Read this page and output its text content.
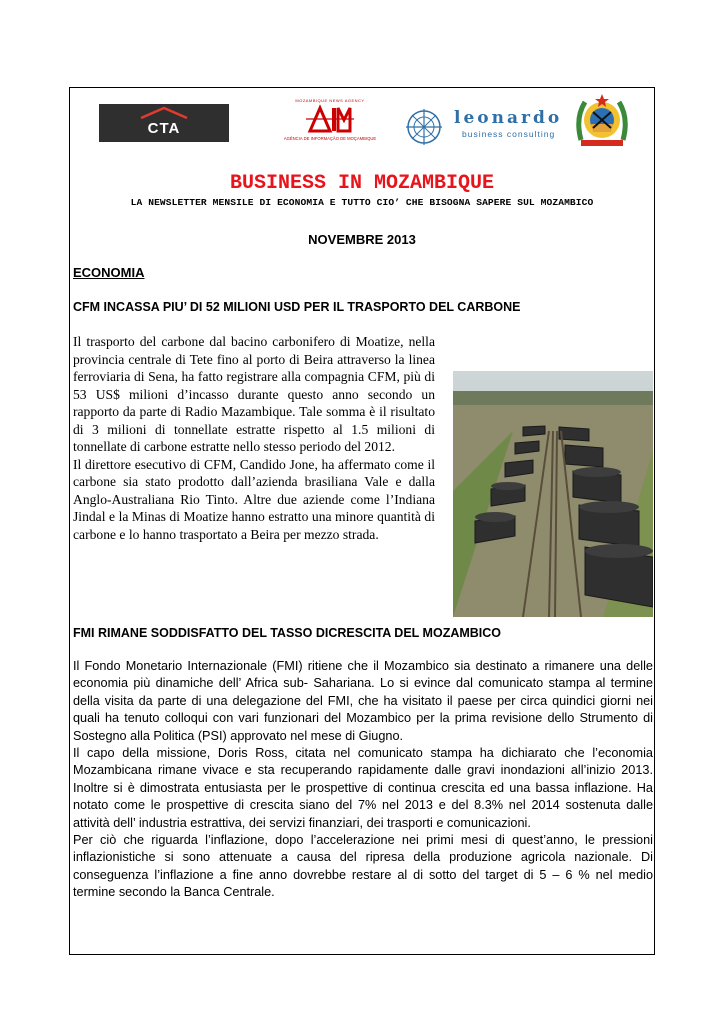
CTA
MOZAMBIQUE NEWS AGENCY
AGÊNCIA DE INFORMAÇÃO DE MOÇAMBIQUE
leonardo
business consulting
BUSINESS IN MOZAMBIQUE
LA NEWSLETTER MENSILE DI ECONOMIA E TUTTO CIO’ CHE BISOGNA SAPERE SUL MOZAMBICO
NOVEMBRE 2013
ECONOMIA
CFM INCASSA PIU’ DI 52 MILIONI USD PER IL TRASPORTO DEL CARBONE

Il trasporto del carbone dal bacino carbonifero di Moatize, nella provincia centrale di Tete fino al porto di Beira attraverso la linea ferroviaria di Sena, ha fatto registrare alla compagnia CFM, più di 53 US$ milioni d’incasso durante questo anno secondo un rapporto da parte di Radio Mazambique. Tale somma è il risultato di 3 milioni di tonnellate estratte rispetto al 1.5 milioni di tonnellate di carbone estratte nello stesso periodo del 2012.

Il direttore esecutivo di CFM, Candido Jone, ha affermato come il carbone sia stato prodotto dall’azienda brasiliana Vale e dalla Anglo-Australiana Rio Tinto. Altre due aziende come l’Indiana Jindal e la Minas di Moatize hanno estratto una minore quantità di carbone e lo hanno trasportato a Beira per mezzo strada.

FMI RIMANE SODDISFATTO DEL TASSO DICRESCITA DEL MOZAMBICO

Il Fondo Monetario Internazionale (FMI) ritiene che il Mozambico sia destinato a rimanere una delle economia più dinamiche dell’ Africa sub- Sahariana. Lo si evince dal comunicato stampa al termine della visita da parte di una delegazione del FMI, che ha visitato il paese per circa quindici giorni nei quali ha tenuto colloqui con vari funzionari del Mozambico per la prima revisione dello Strumento di Sostegno alla Politica (PSI) approvato nel mese di Giugno.

Il capo della missione, Doris Ross, citata nel comunicato stampa ha dichiarato che l’economia Mozambicana rimane vivace e sta recuperando rapidamente dalle gravi inondazioni all’inizio 2013. Inoltre si è dimostrata entusiasta per le prospettive di continua crescita ed una bassa inflazione. Ha notato come le prospettive di crescita siano del 7% nel 2013 e del 8.3% nel 2014 sostenuta dalle attività dell’ industria estrattiva, dei servizi finanziari, dei trasporti e comunicazioni.

Per ciò che riguarda l’inflazione, dopo l’accelerazione nei primi mesi di quest’anno, le pressioni inflazionistiche si sono attenuate a causa del ripresa della produzione agricola nazionale. Di conseguenza l’inflazione a fine anno dovrebbe restare al di sotto del target di 5 – 6 % nel medio termine secondo la Banca Centrale.
